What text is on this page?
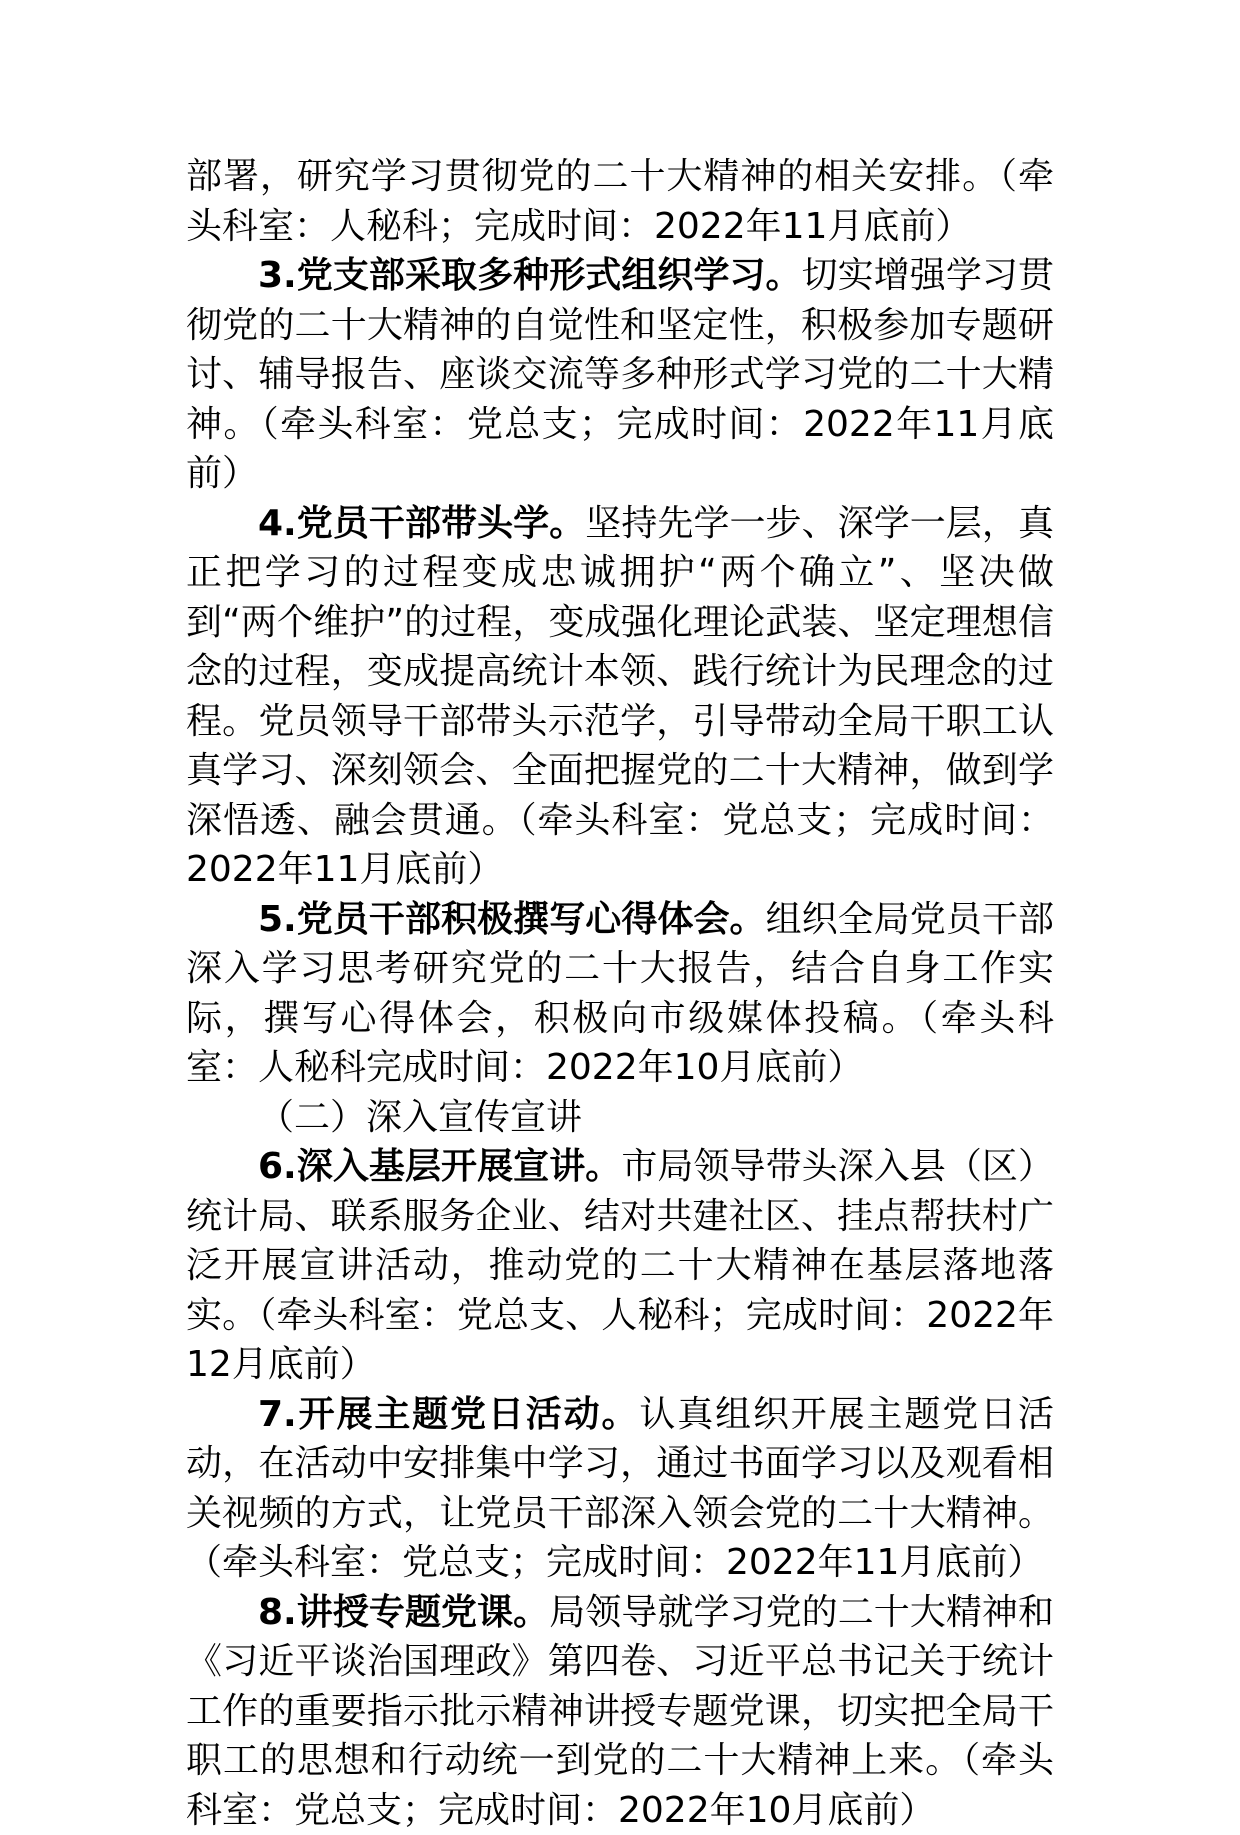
部署，研究学习贯彻党的二十大精神的相关安排。（牵头科室：人秘科；完成时间：2022年11月底前）

3.党支部采取多种形式组织学习。切实增强学习贯彻党的二十大精神的自觉性和坚定性，积极参加专题研讨、辅导报告、座谈交流等多种形式学习党的二十大精神。（牵头科室：党总支；完成时间：2022年11月底前）

4.党员干部带头学。坚持先学一步、深学一层，真正把学习的过程变成忠诚拥护“两个确立”、坚决做到“两个维护”的过程，变成强化理论武装、坚定理想信念的过程，变成提高统计本领、践行统计为民理念的过程。党员领导干部带头示范学，引导带动全局干职工认真学习、深刻领会、全面把握党的二十大精神，做到学深悟透、融会贯通。（牵头科室：党总支；完成时间：2022年11月底前）

5.党员干部积极撰写心得体会。组织全局党员干部深入学习思考研究党的二十大报告，结合自身工作实际，撰写心得体会，积极向市级媒体投稿。（牵头科室：人秘科完成时间：2022年10月底前）

（二）深入宣传宣讲

6.深入基层开展宣讲。市局领导带头深入县（区）统计局、联系服务企业、结对共建社区、挂点帮扶村广泛开展宣讲活动，推动党的二十大精神在基层落地落实。（牵头科室：党总支、人秘科；完成时间：2022年12月底前）

7.开展主题党日活动。认真组织开展主题党日活动，在活动中安排集中学习，通过书面学习以及观看相关视频的方式，让党员干部深入领会党的二十大精神。（牵头科室：党总支；完成时间：2022年11月底前）

8.讲授专题党课。局领导就学习党的二十大精神和《习近平谈治国理政》第四卷、习近平总书记关于统计工作的重要指示批示精神讲授专题党课，切实把全局干职工的思想和行动统一到党的二十大精神上来。（牵头科室：党总支；完成时间：2022年10月底前）
